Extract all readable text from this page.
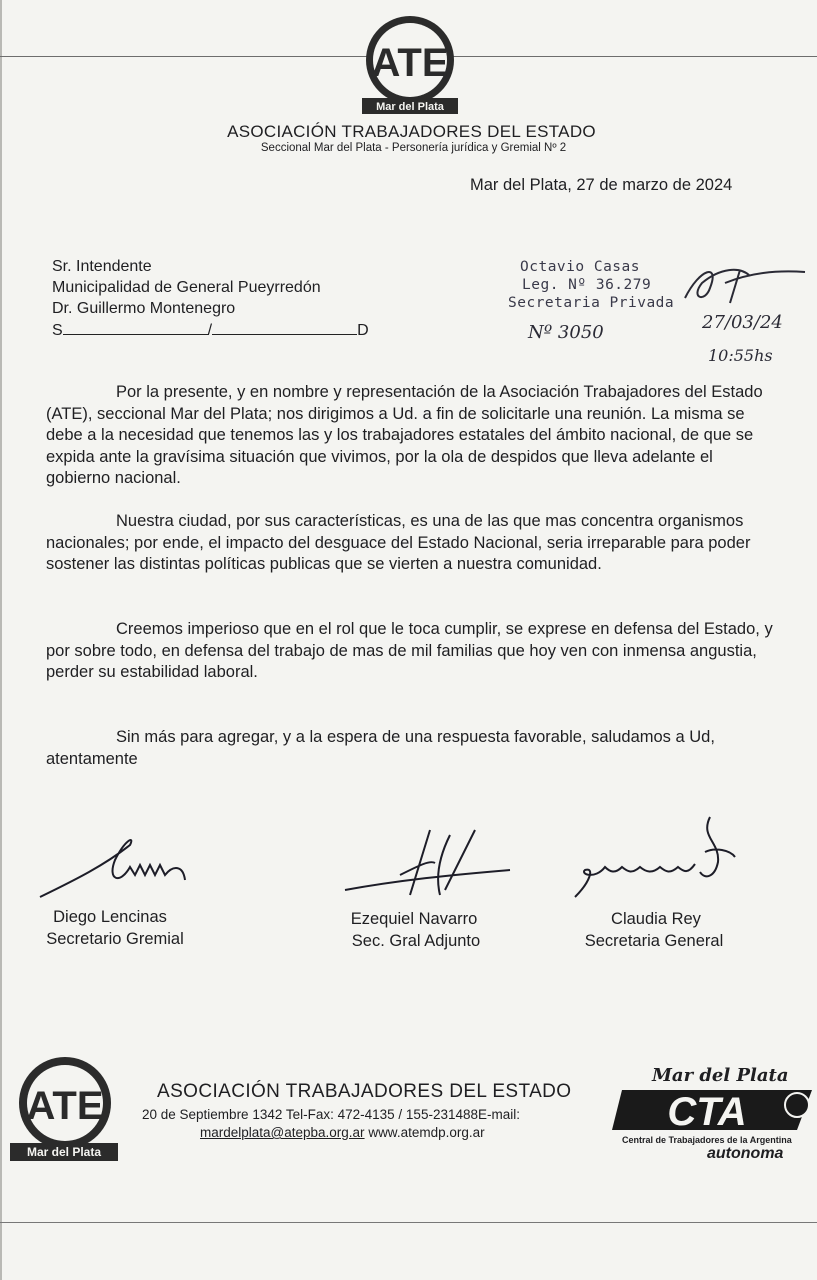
ATE
Mar del Plata
ASOCIACIÓN TRABAJADORES DEL ESTADO
Seccional Mar del Plata - Personería jurídica y Gremial Nº 2
Mar del Plata, 27 de marzo de 2024
Sr. Intendente
Municipalidad de General Pueyrredón
Dr. Guillermo Montenegro
S	/	D
Octavio Casas
Leg. Nº 36.279
Secretaria Privada
Nº 3050	27/03/24
10:55hs
Por la presente, y en nombre y representación de la Asociación Trabajadores del Estado (ATE), seccional Mar del Plata; nos dirigimos a Ud. a fin de solicitarle una reunión. La misma se debe a la necesidad que tenemos las y los trabajadores estatales del ámbito nacional, de que se expida ante la gravísima situación que vivimos, por la ola de despidos que lleva adelante el gobierno nacional.
Nuestra ciudad, por sus características, es una de las que mas concentra organismos nacionales; por ende, el impacto del desguace del Estado Nacional, seria irreparable para poder sostener las distintas políticas publicas que se vierten a nuestra comunidad.
Creemos imperioso que en el rol que le toca cumplir, se exprese en defensa del Estado, y por sobre todo, en defensa del trabajo de mas de mil familias que hoy ven con inmensa angustia, perder su estabilidad laboral.
Sin más para agregar, y a la espera de una respuesta favorable, saludamos a Ud, atentamente
Diego Lencinas
Secretario Gremial
Ezequiel Navarro
Sec. Gral Adjunto
Claudia Rey
Secretaria General
ATE
Mar del Plata
ASOCIACIÓN TRABAJADORES DEL ESTADO
20 de Septiembre 1342 Tel-Fax: 472-4135 / 155-231488E-mail:
mardelplata@atepba.org.ar www.atemdp.org.ar
Mar del Plata
CTA
Central de Trabajadores de la Argentina
autonoma
